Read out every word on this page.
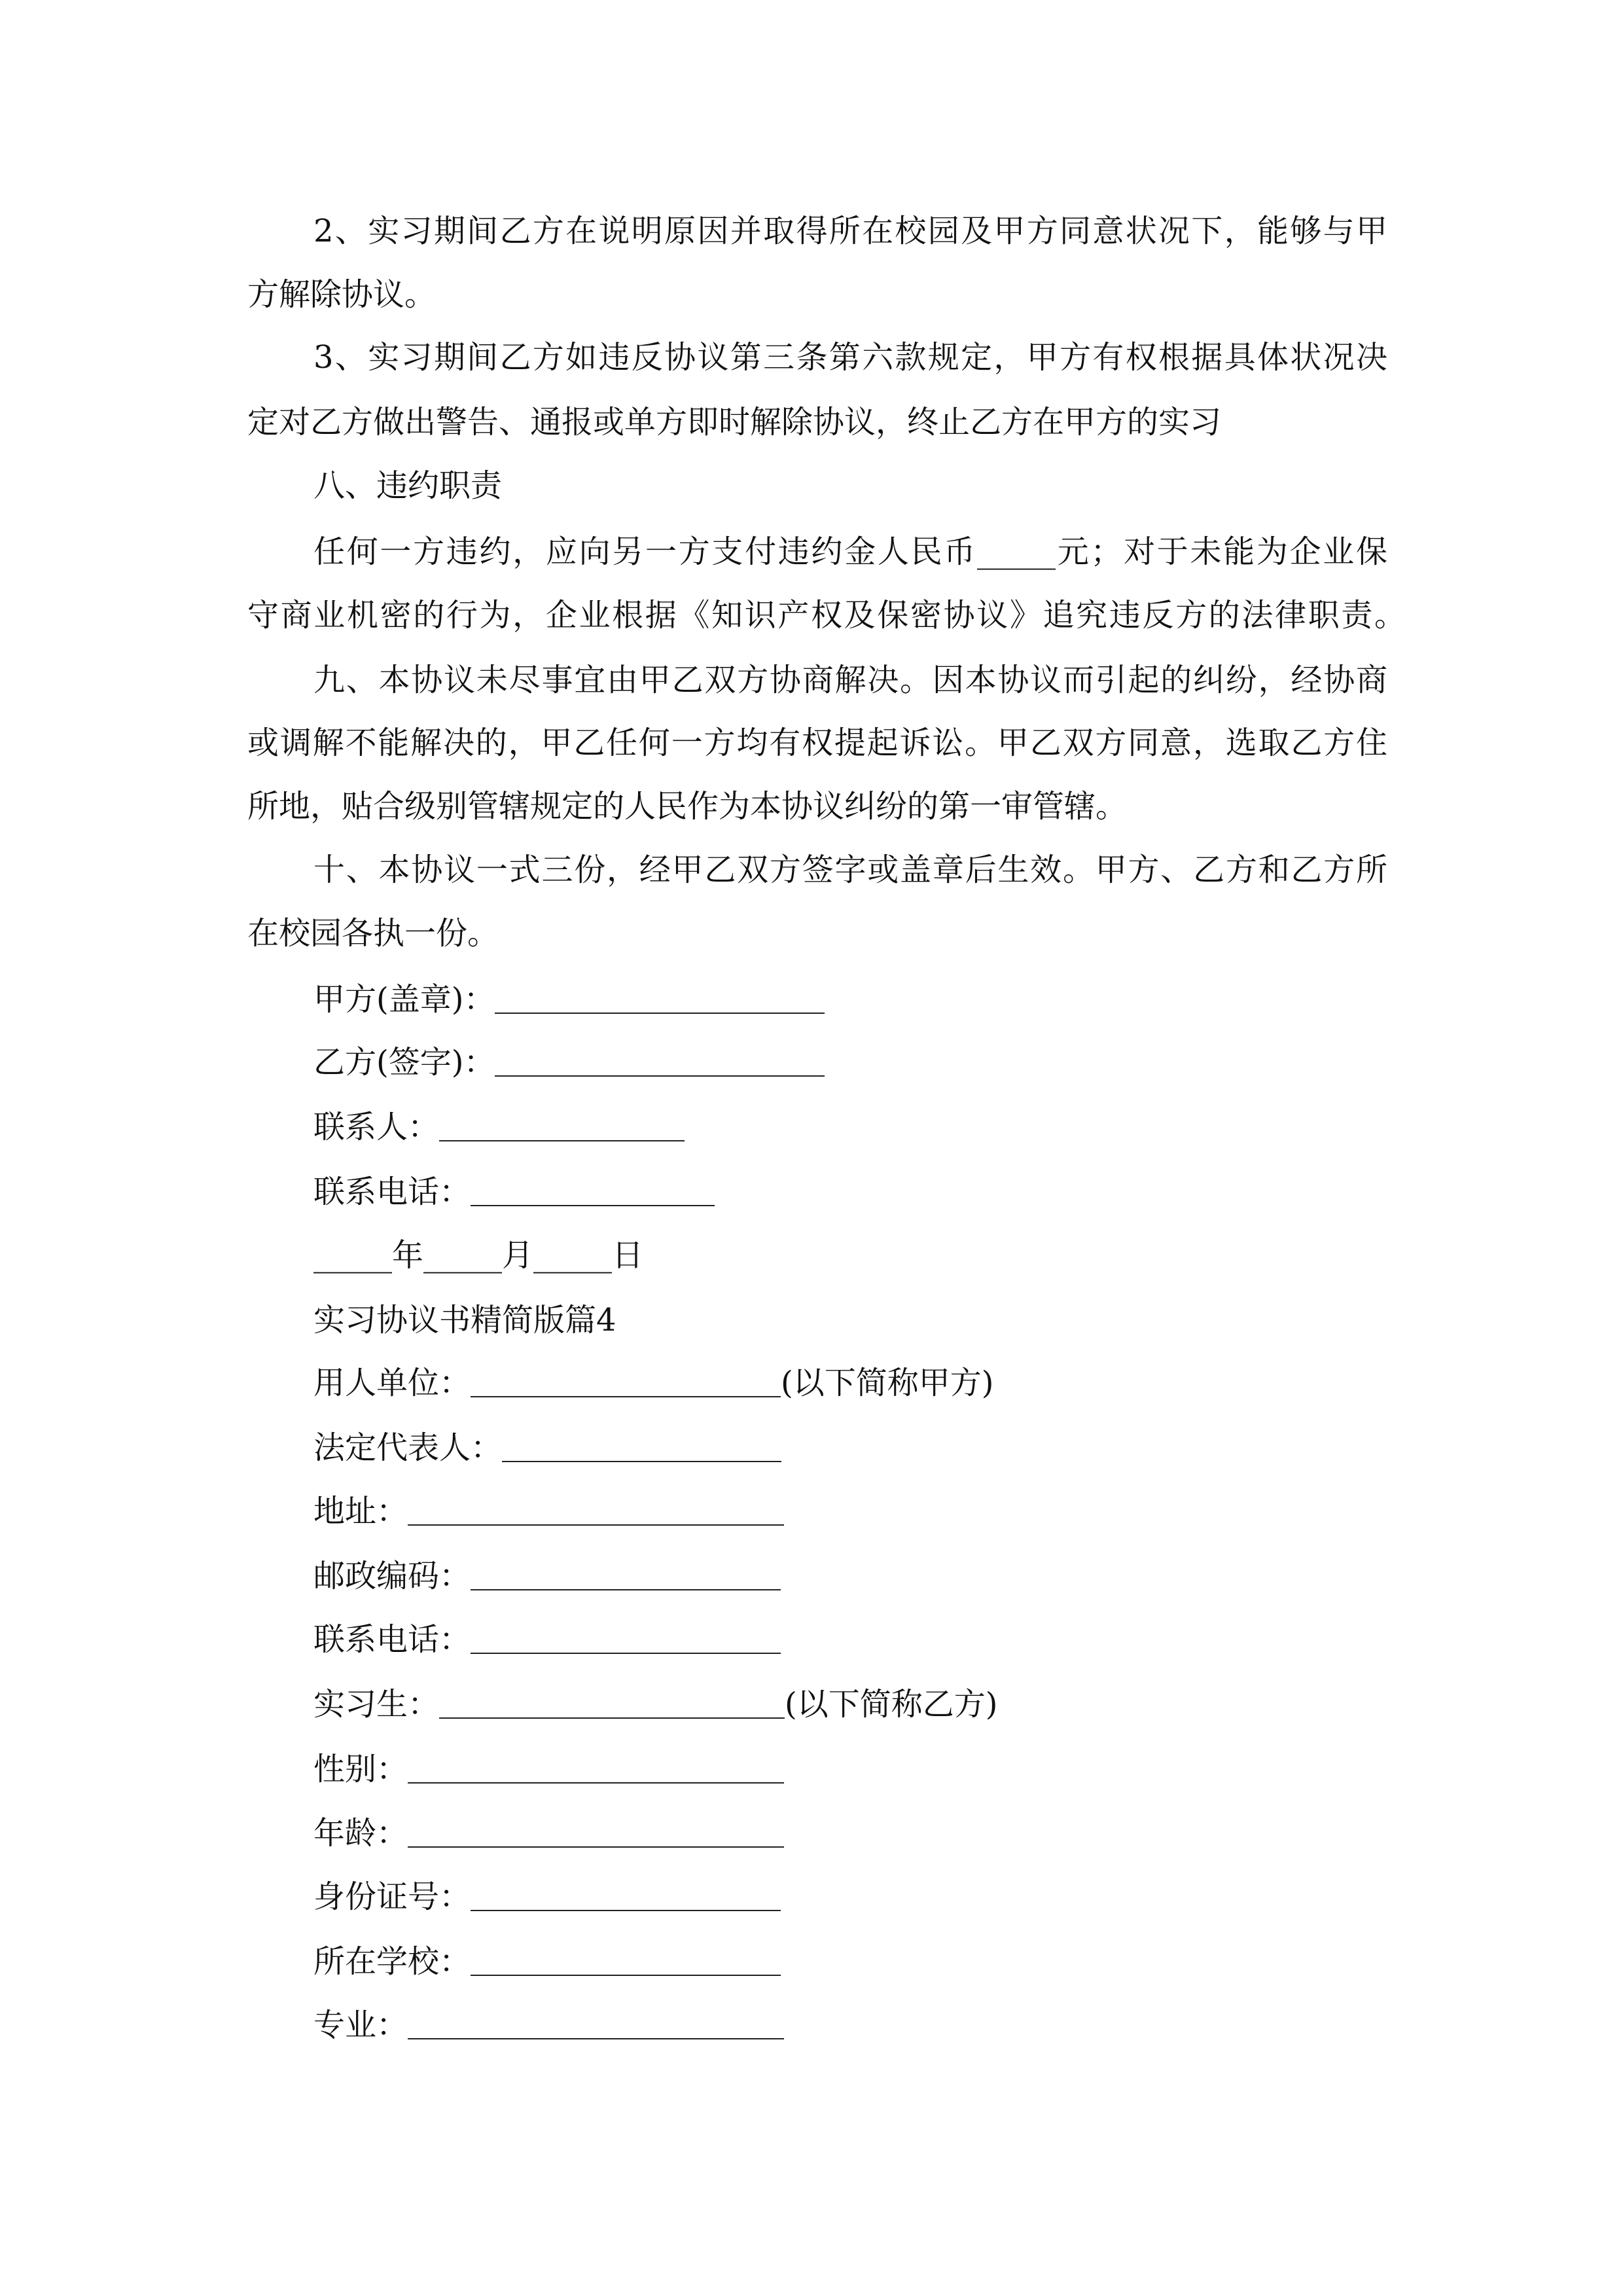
2、实习期间乙方在说明原因并取得所在校园及甲方同意状况下，能够与甲
方解除协议。
3、实习期间乙方如违反协议第三条第六款规定，甲方有权根据具体状况决
定对乙方做出警告、通报或单方即时解除协议，终止乙方在甲方的实习
八、违约职责
任何一方违约，应向另一方支付违约金人民币_____元；对于未能为企业保
守商业机密的行为，企业根据《知识产权及保密协议》追究违反方的法律职责。
九、本协议未尽事宜由甲乙双方协商解决。因本协议而引起的纠纷，经协商
或调解不能解决的，甲乙任何一方均有权提起诉讼。甲乙双方同意，选取乙方住
所地，贴合级别管辖规定的人民作为本协议纠纷的第一审管辖。
十、本协议一式三份，经甲乙双方签字或盖章后生效。甲方、乙方和乙方所
在校园各执一份。
甲方(盖章)：
乙方(签字)：
联系人：
联系电话：
_____年_____月_____日
实习协议书精简版篇4
用人单位：	(以下简称甲方)
法定代表人：
地址：
邮政编码：
联系电话：
实习生：	(以下简称乙方)
性别：
年龄：
身份证号：
所在学校：
专业：
